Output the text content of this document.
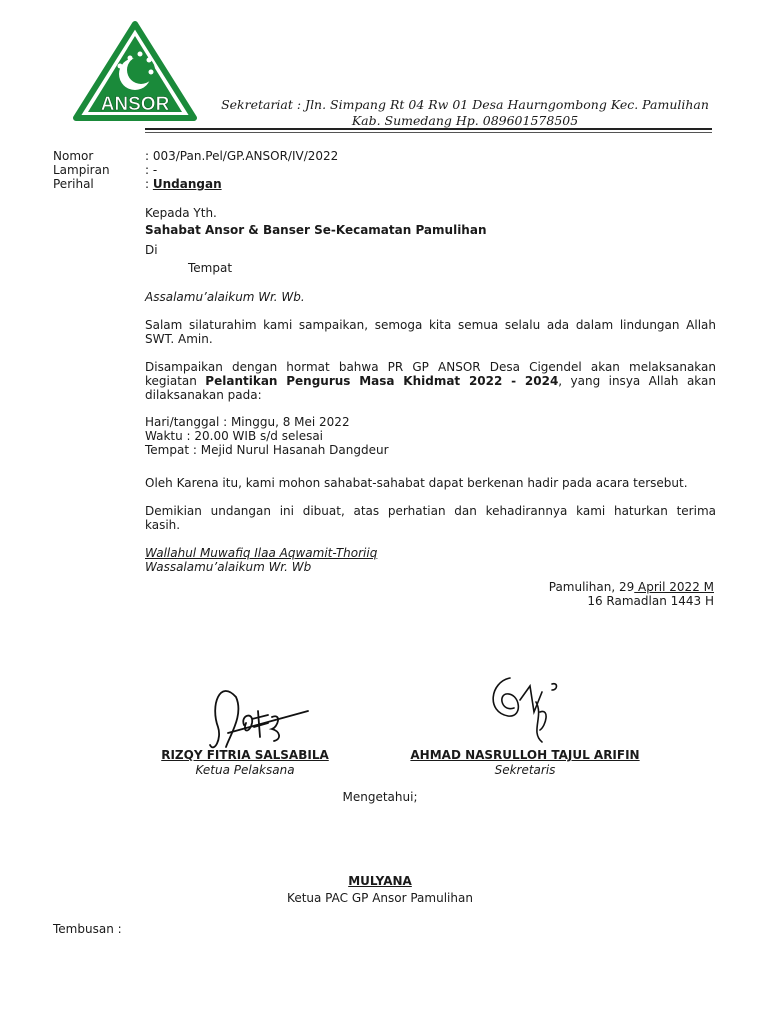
ANSOR	Sekretariat : Jln. Simpang Rt 04 Rw 01 Desa Haurngombong Kec. Pamulihan
Kab. Sumedang Hp. 089601578505
Nomor	: 003/Pan.Pel/GP.ANSOR/IV/2022
Lampiran	: -
Perihal	: Undangan
Kepada Yth.
Sahabat Ansor & Banser Se-Kecamatan Pamulihan
Di
Tempat
Assalamu’alaikum Wr. Wb.
Salam silaturahim kami sampaikan, semoga kita semua selalu ada dalam lindungan Allah
SWT. Amin.
Disampaikan dengan hormat bahwa PR GP ANSOR Desa Cigendel akan melaksanakan
kegiatan Pelantikan Pengurus Masa Khidmat 2022 - 2024, yang insya Allah akan
dilaksanakan pada:
Hari/tanggal : Minggu, 8 Mei 2022
Waktu : 20.00 WIB s/d selesai
Tempat : Mejid Nurul Hasanah Dangdeur
Oleh Karena itu, kami mohon sahabat-sahabat dapat berkenan hadir pada acara tersebut.
Demikian undangan ini dibuat, atas perhatian dan kehadirannya kami haturkan terima
kasih.
Wallahul Muwafiq Ilaa Aqwamit-Thoriiq
Wassalamu’alaikum Wr. Wb
Pamulihan, 29 April 2022 M
16 Ramadlan 1443 H
RIZQY FITRIA SALSABILA
Ketua Pelaksana
AHMAD NASRULLOH TAJUL ARIFIN
Sekretaris
Mengetahui;
MULYANA
Ketua PAC GP Ansor Pamulihan
Tembusan :
